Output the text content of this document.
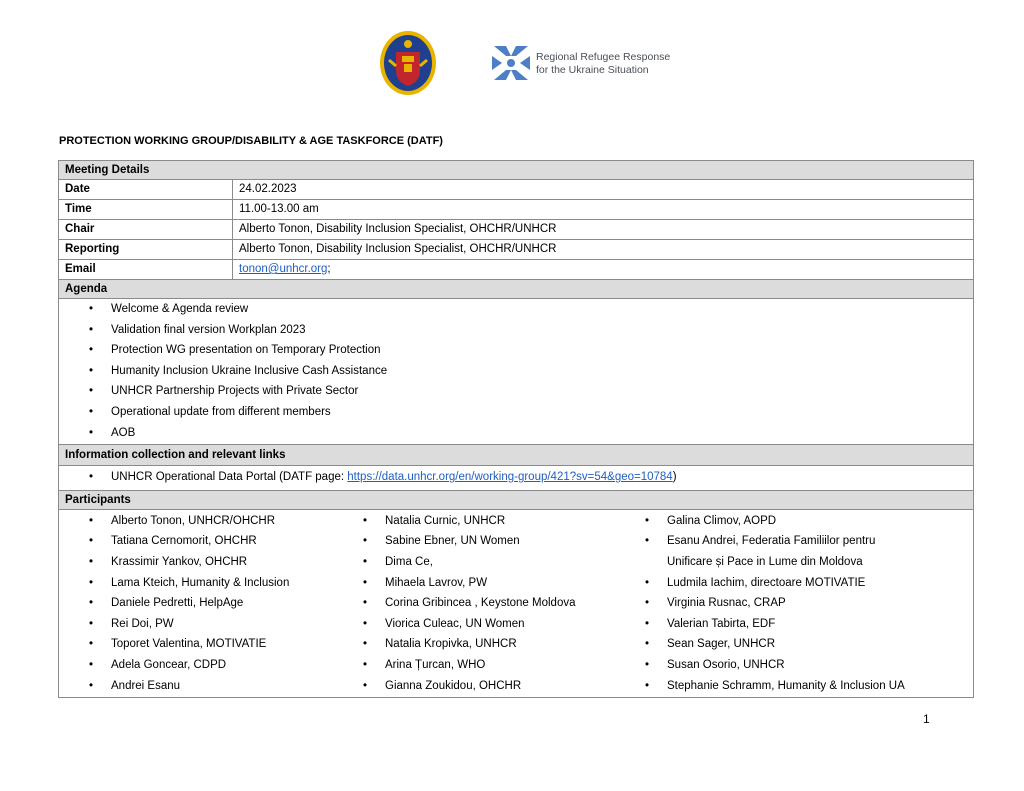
Regional Refugee Response
for the Ukraine Situation
PROTECTION WORKING GROUP/DISABILITY & AGE TASKFORCE (DATF)
Meeting Details
Date	24.02.2023
Time	11.00-13.00 am
Chair	Alberto Tonon, Disability Inclusion Specialist, OHCHR/UNHCR
Reporting	Alberto Tonon, Disability Inclusion Specialist, OHCHR/UNHCR
Email	tonon@unhcr.org;
Agenda
• Welcome & Agenda review
• Validation final version Workplan 2023
• Protection WG presentation on Temporary Protection
• Humanity Inclusion Ukraine Inclusive Cash Assistance
• UNHCR Partnership Projects with Private Sector
• Operational update from different members
• AOB
Information collection and relevant links
• UNHCR Operational Data Portal (DATF page: https://data.unhcr.org/en/working-group/421?sv=54&geo=10784)
Participants
• Alberto Tonon, UNHCR/OHCHR
• Tatiana Cernomorit, OHCHR
• Krassimir Yankov, OHCHR
• Lama Kteich, Humanity & Inclusion
• Daniele Pedretti, HelpAge
• Rei Doi, PW
• Toporet Valentina, MOTIVATIE
• Adela Goncear, CDPD
• Andrei Esanu
• Natalia Curnic, UNHCR
• Sabine Ebner, UN Women
• Dima Ce,
• Mihaela Lavrov, PW
• Corina Gribincea , Keystone Moldova
• Viorica Culeac, UN Women
• Natalia Kropivka, UNHCR
• Arina Țurcan, WHO
• Gianna Zoukidou, OHCHR
• Galina Climov, AOPD
• Esanu Andrei, Federatia Familiilor pentru
Unificare și Pace in Lume din Moldova
• Ludmila Iachim, directoare MOTIVATIE
• Virginia Rusnac, CRAP
• Valerian Tabirta, EDF
• Sean Sager, UNHCR
• Susan Osorio, UNHCR
• Stephanie Schramm, Humanity & Inclusion UA
1
